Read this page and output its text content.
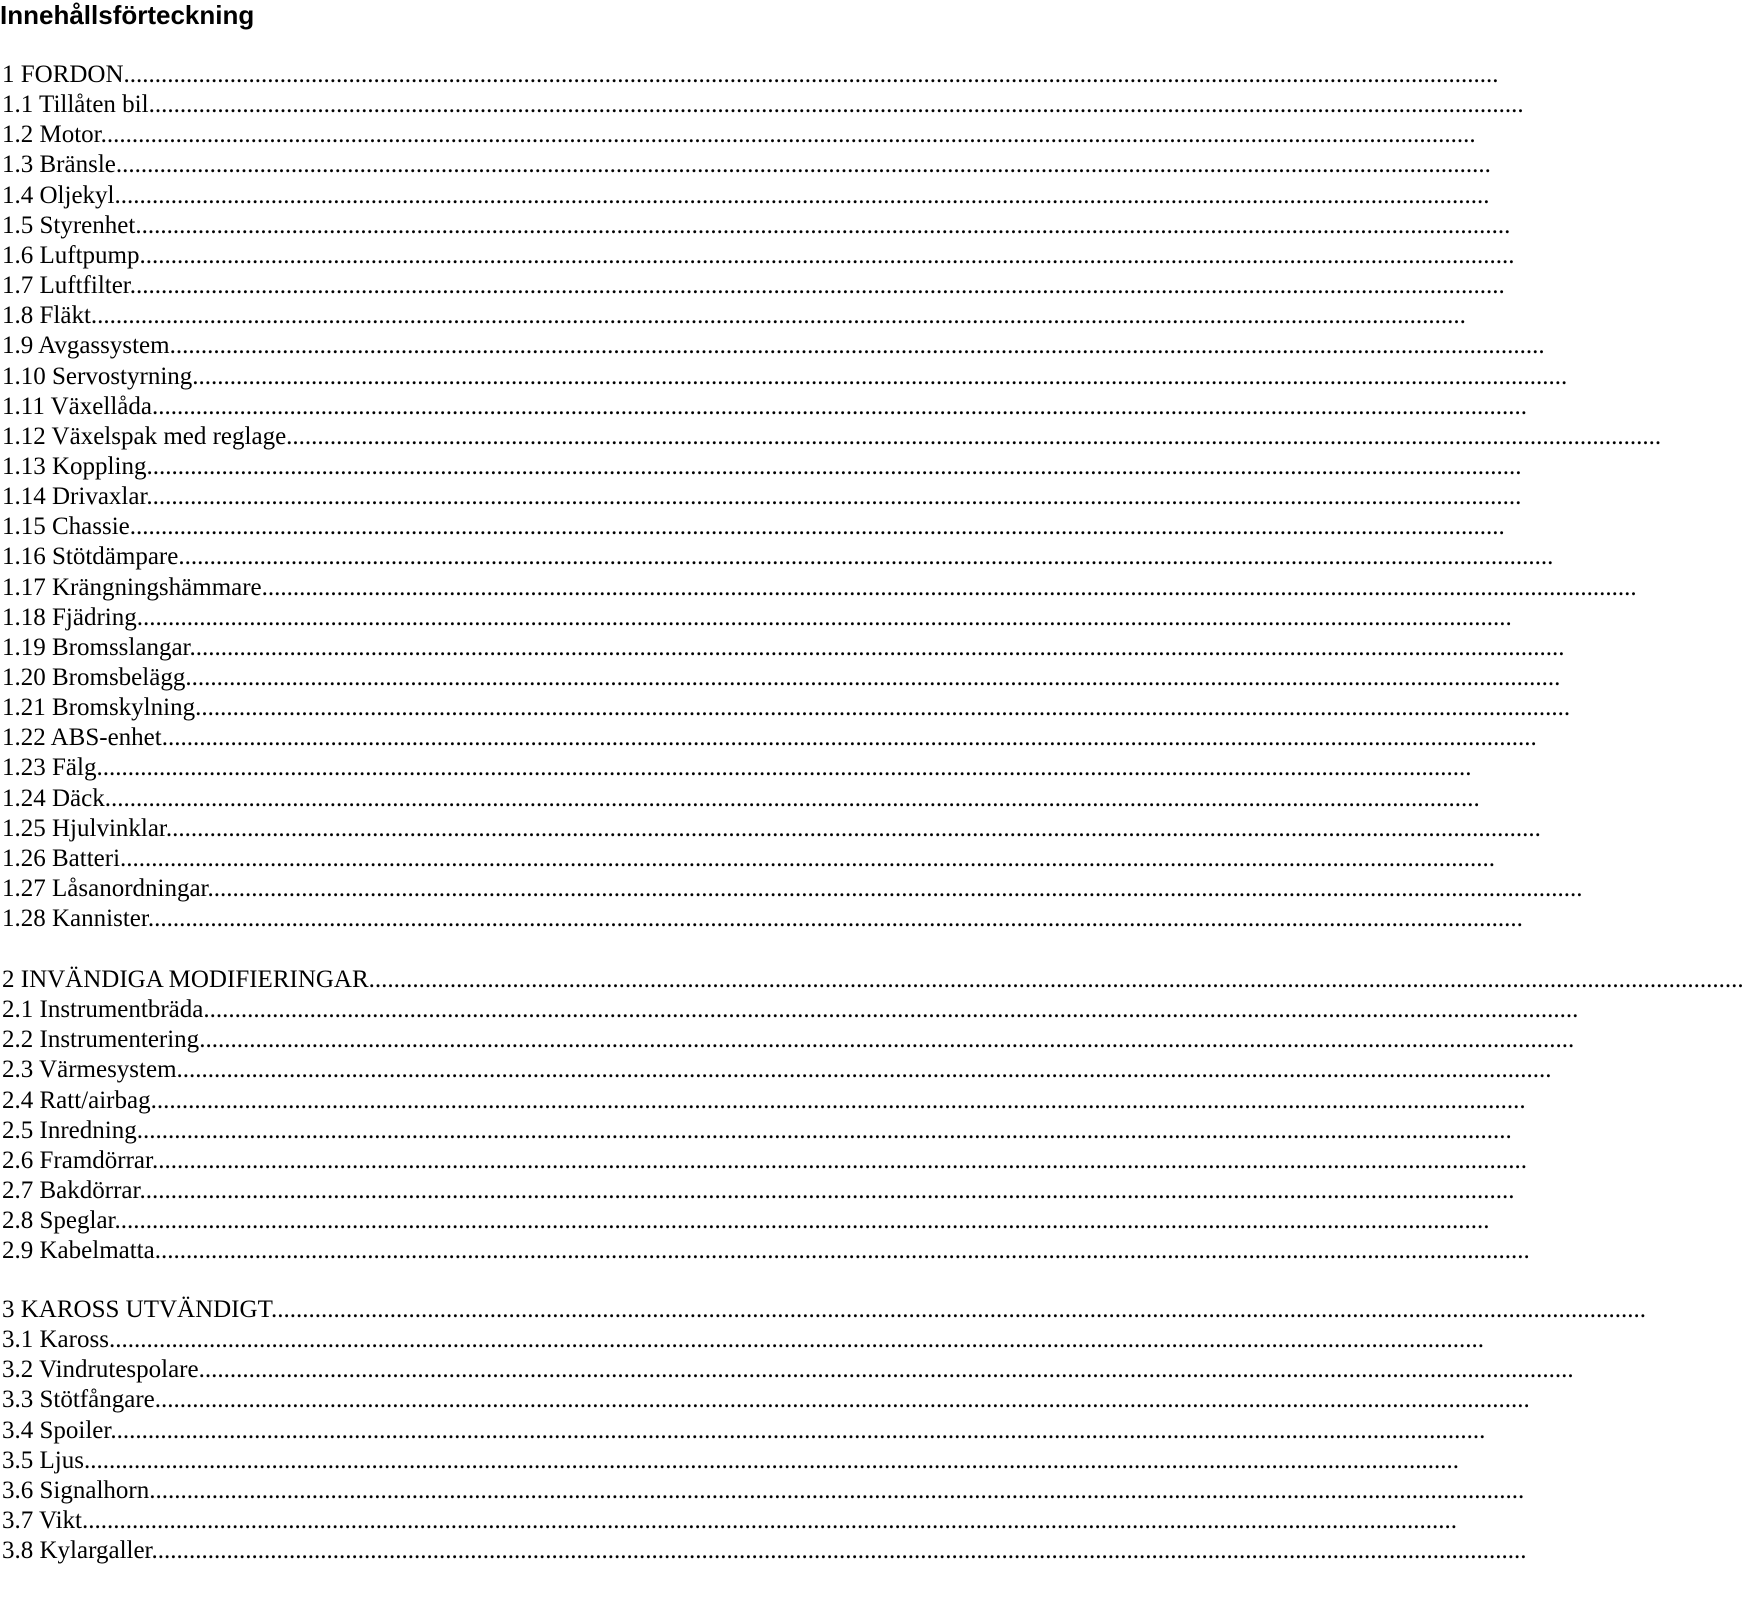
Innehållsförteckning
1 FORDON............................................................................................................................................................................................................................
1.1 Tillåten bil............................................................................................................................................................................................................................
1.2 Motor............................................................................................................................................................................................................................
1.3 Bränsle............................................................................................................................................................................................................................
1.4 Oljekyl............................................................................................................................................................................................................................
1.5 Styrenhet............................................................................................................................................................................................................................
1.6 Luftpump............................................................................................................................................................................................................................
1.7 Luftfilter............................................................................................................................................................................................................................
1.8 Fläkt............................................................................................................................................................................................................................
1.9 Avgassystem............................................................................................................................................................................................................................
1.10 Servostyrning............................................................................................................................................................................................................................
1.11 Växellåda............................................................................................................................................................................................................................
1.12 Växelspak med reglage............................................................................................................................................................................................................................
1.13 Koppling............................................................................................................................................................................................................................
1.14 Drivaxlar............................................................................................................................................................................................................................
1.15 Chassie............................................................................................................................................................................................................................
1.16 Stötdämpare............................................................................................................................................................................................................................
1.17 Krängningshämmare............................................................................................................................................................................................................................
1.18 Fjädring............................................................................................................................................................................................................................
1.19 Bromsslangar............................................................................................................................................................................................................................
1.20 Bromsbelägg............................................................................................................................................................................................................................
1.21 Bromskylning............................................................................................................................................................................................................................
1.22 ABS-enhet............................................................................................................................................................................................................................
1.23 Fälg............................................................................................................................................................................................................................
1.24 Däck............................................................................................................................................................................................................................
1.25 Hjulvinklar............................................................................................................................................................................................................................
1.26 Batteri............................................................................................................................................................................................................................
1.27 Låsanordningar............................................................................................................................................................................................................................
1.28 Kannister............................................................................................................................................................................................................................
2 INVÄNDIGA MODIFIERINGAR............................................................................................................................................................................................................................
2.1 Instrumentbräda............................................................................................................................................................................................................................
2.2 Instrumentering............................................................................................................................................................................................................................
2.3 Värmesystem............................................................................................................................................................................................................................
2.4 Ratt/airbag............................................................................................................................................................................................................................
2.5 Inredning............................................................................................................................................................................................................................
2.6 Framdörrar............................................................................................................................................................................................................................
2.7 Bakdörrar............................................................................................................................................................................................................................
2.8 Speglar............................................................................................................................................................................................................................
2.9 Kabelmatta............................................................................................................................................................................................................................
3 KAROSS UTVÄNDIGT............................................................................................................................................................................................................................
3.1 Kaross............................................................................................................................................................................................................................
3.2 Vindrutespolare............................................................................................................................................................................................................................
3.3 Stötfångare............................................................................................................................................................................................................................
3.4 Spoiler............................................................................................................................................................................................................................
3.5 Ljus............................................................................................................................................................................................................................
3.6 Signalhorn............................................................................................................................................................................................................................
3.7 Vikt............................................................................................................................................................................................................................
3.8 Kylargaller............................................................................................................................................................................................................................
